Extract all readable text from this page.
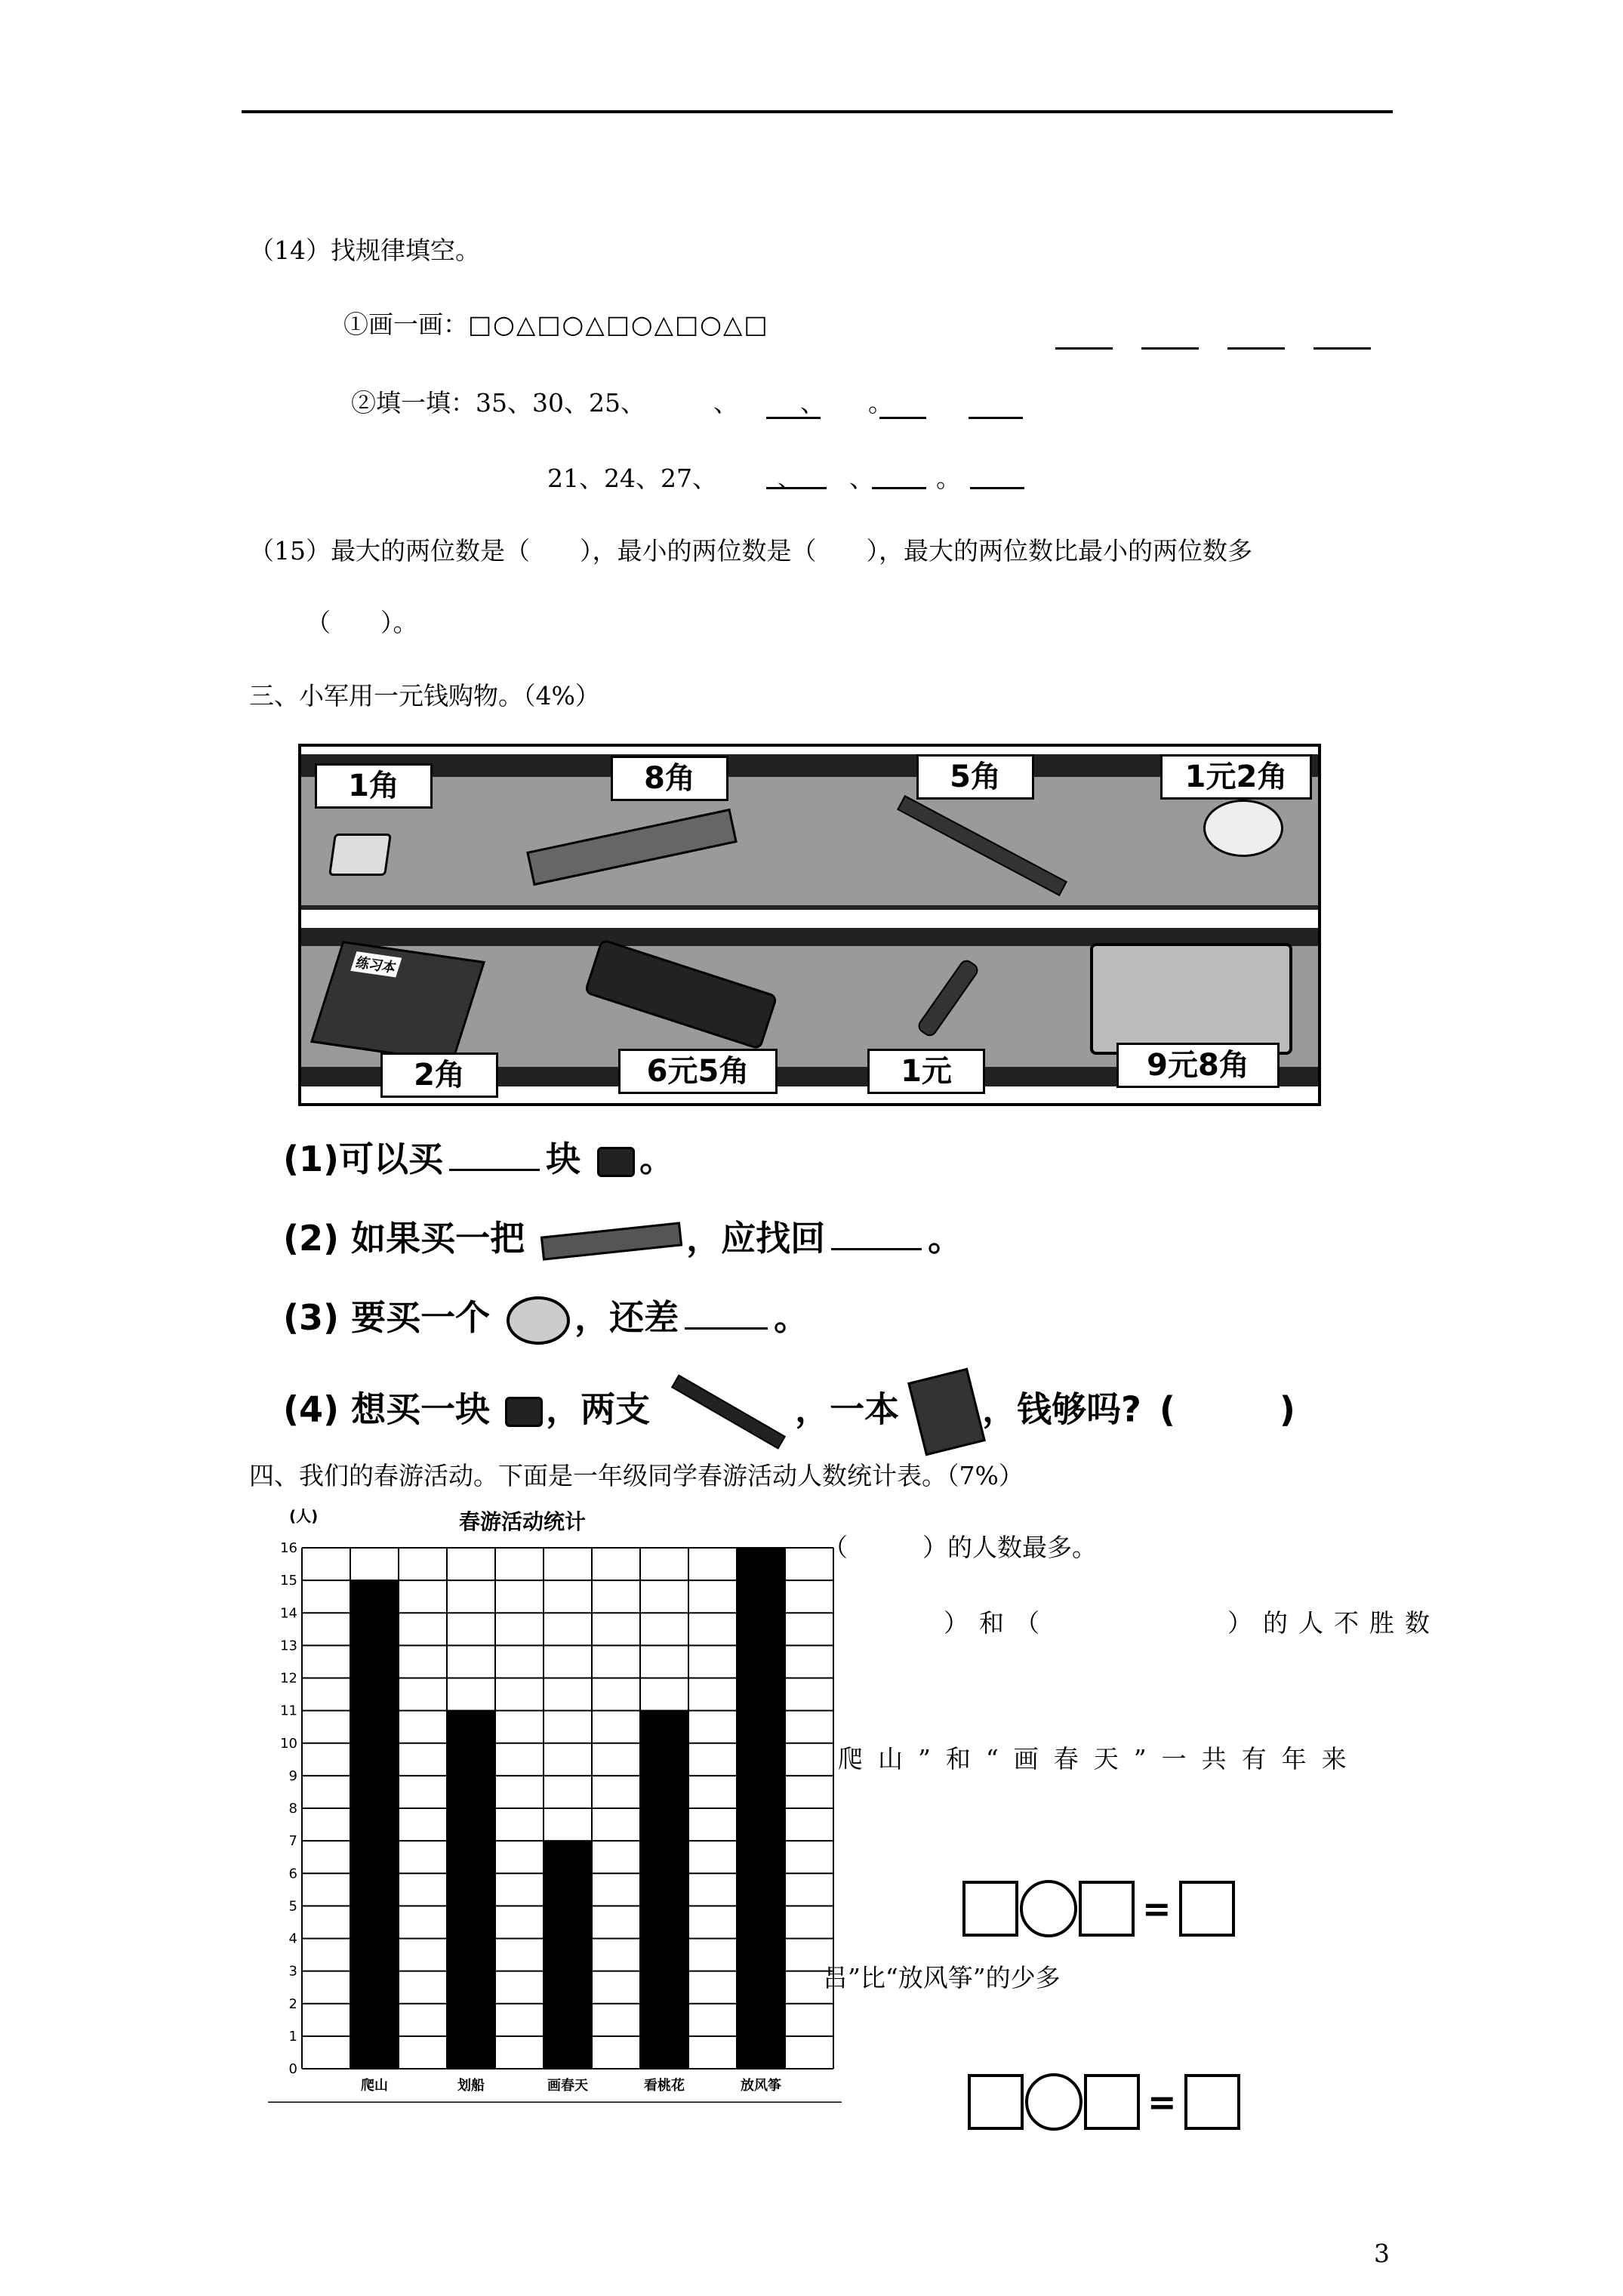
（14）找规律填空。
①画一画：□○△□○△□○△□○△□
②填一填：35、30、25、	、 、 。
21、24、27、 、 、 。
（15）最大的两位数是（　　），最小的两位数是（　　），最大的两位数比最小的两位数多
（　　）。
三、小军用一元钱购物。（4%）
练习本
1角	8角	5角	1元2角
2角	6元5角	1元	9元8角
(1)可以买	块 。
(2) 如果买一把	，应找回	。
(3) 要买一个 ，还差	。
(4) 想买一块 ，两支	，一本 ，钱够吗? (　　　)
四、我们的春游活动。下面是一年级同学春游活动人数统计表。（7%）
春游活动统计
(人)
0
1
2
3
4
5
6
7
8
9
10
11
12
13
14
15
16
爬山	划船	画春天	看桃花	放风筝
（　　　）的人数最多。
）和（　　　　　）的人不胜数
爬山”和“画春天”一共有年来
=
吕”比“放风筝”的少多
=
3
